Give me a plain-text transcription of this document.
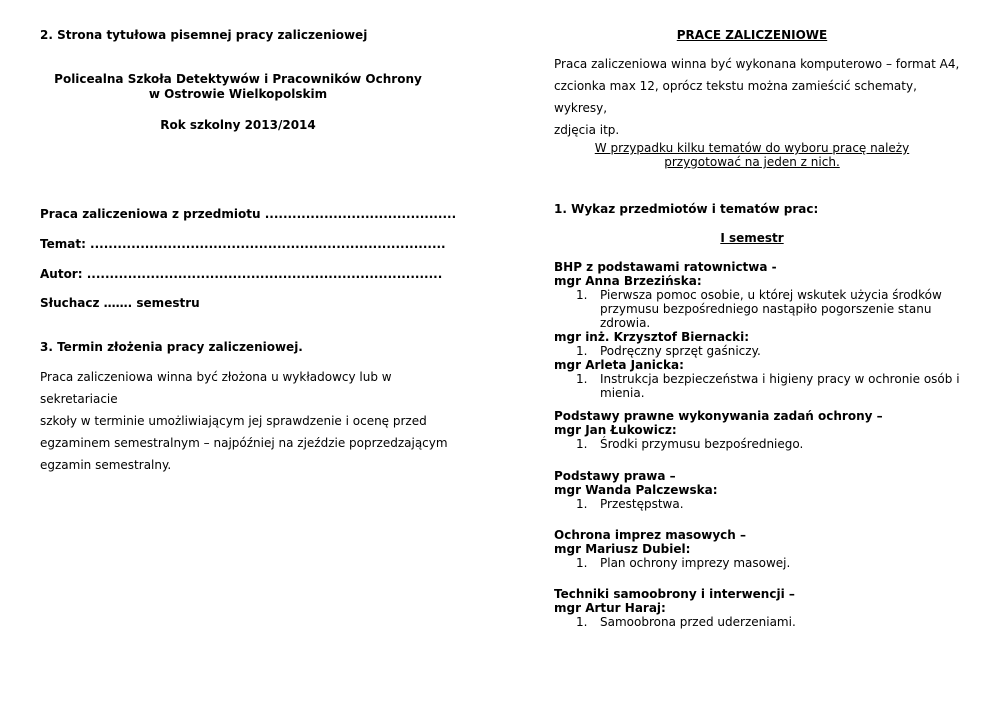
2. Strona tytułowa pisemnej pracy zaliczeniowej
Policealna Szkoła Detektywów i Pracowników Ochrony
w Ostrowie Wielkopolskim
Rok szkolny 2013/2014
Praca zaliczeniowa z przedmiotu ..........................................
Temat: ..............................................................................
Autor: ..............................................................................
Słuchacz ……. semestru
3. Termin złożenia pracy zaliczeniowej.
Praca zaliczeniowa winna być złożona u wykładowcy lub w sekretariacie
szkoły w terminie umożliwiającym jej sprawdzenie i ocenę przed
egzaminem semestralnym – najpóźniej na zjeździe poprzedzającym
egzamin semestralny.
PRACE ZALICZENIOWE
Praca zaliczeniowa winna być wykonana komputerowo – format A4,
czcionka max 12, oprócz tekstu można zamieścić schematy, wykresy,
zdjęcia itp.
W przypadku kilku tematów do wyboru pracę należy
przygotować na jeden z nich.
1. Wykaz przedmiotów i tematów prac:
I semestr
BHP z podstawami ratownictwa -
mgr Anna Brzezińska:
1. Pierwsza pomoc osobie, u której wskutek użycia środków
przymusu bezpośredniego nastąpiło pogorszenie stanu zdrowia.
mgr inż. Krzysztof Biernacki:
1. Podręczny sprzęt gaśniczy.
mgr Arleta Janicka:
1. Instrukcja bezpieczeństwa i higieny pracy w ochronie osób i
mienia.
Podstawy prawne wykonywania zadań ochrony –
mgr Jan Łukowicz:
1. Środki przymusu bezpośredniego.
Podstawy prawa –
mgr Wanda Palczewska:
1. Przestępstwa.
Ochrona imprez masowych –
mgr Mariusz Dubiel:
1. Plan ochrony imprezy masowej.
Techniki samoobrony i interwencji –
mgr Artur Haraj:
1. Samoobrona przed uderzeniami.
